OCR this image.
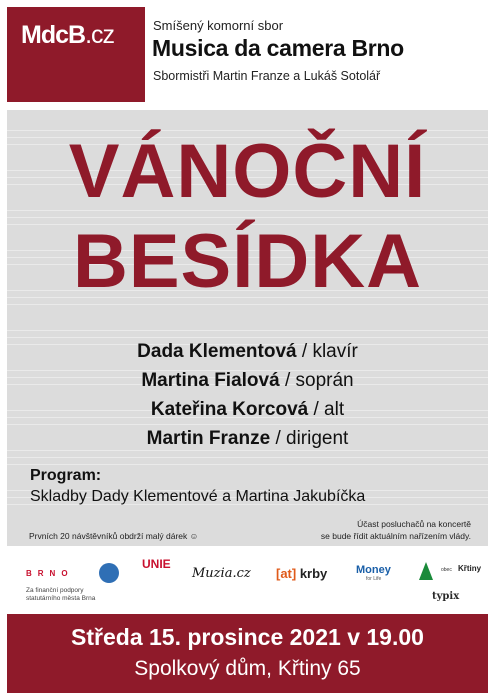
MdcB.cz	Smíšený komorní sbor
Musica da camera Brno
Sbormistři Martin Franze a Lukáš Sotolář
VÁNOČNÍ
BESÍDKA
Dada Klementová / klavír
Martina Fialová / soprán
Kateřina Korcová / alt
Martin Franze / dirigent
Program:
Skladby Dady Klementové a Martina Jakubíčka
Prvních 20 návštěvníků obdrží malý dárek ☺
Účast posluchačů na koncertě
se bude řídit aktuálním nařízením vlády.
BRNO
Za finanční podpory
statutárního města Brna
UNIE
Muzia.cz [at] krby	Money
for Life
obec Křtiny
typix
Středa 15. prosince 2021 v 19.00
Spolkový dům, Křtiny 65
